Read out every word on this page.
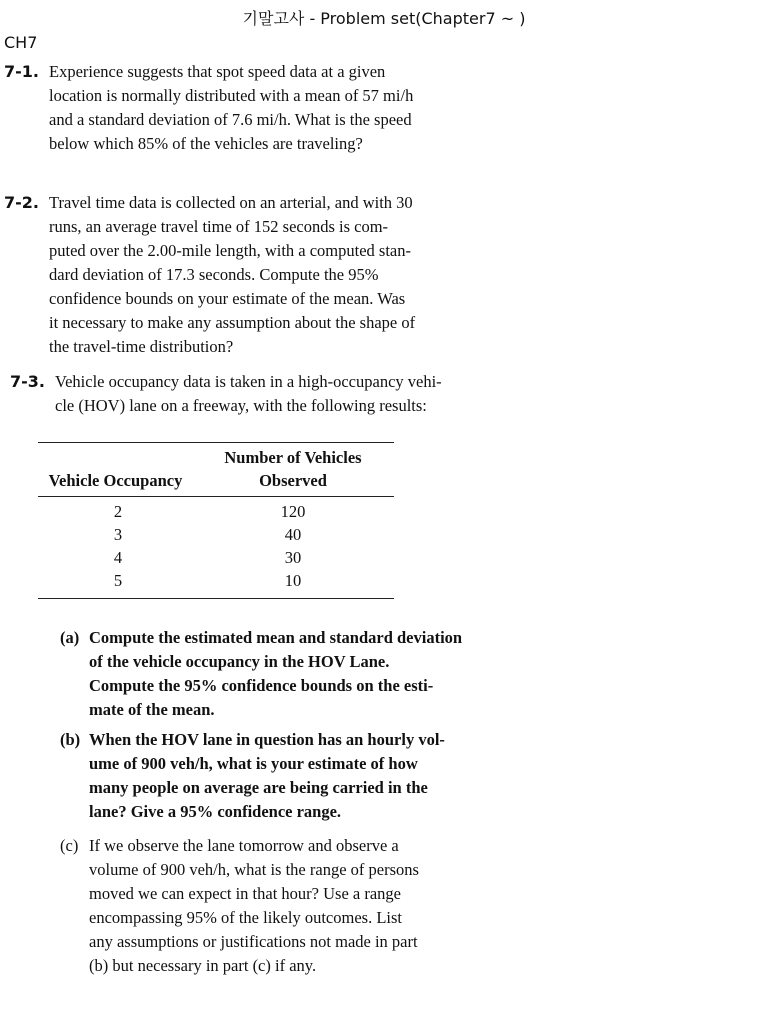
기말고사 - Problem set(Chapter7 ~ )
CH7
7-1. Experience suggests that spot speed data at a given
location is normally distributed with a mean of 57 mi/h
and a standard deviation of 7.6 mi/h. What is the speed
below which 85% of the vehicles are traveling?
7-2. Travel time data is collected on an arterial, and with 30
runs, an average travel time of 152 seconds is com-
puted over the 2.00-mile length, with a computed stan-
dard deviation of 17.3 seconds. Compute the 95%
confidence bounds on your estimate of the mean. Was
it necessary to make any assumption about the shape of
the travel-time distribution?
7-3. Vehicle occupancy data is taken in a high-occupancy vehi-
cle (HOV) lane on a freeway, with the following results:
Number of Vehicles
Vehicle Occupancy	Observed
2	120
3	40
4	30
5	10
(a) Compute the estimated mean and standard deviation
of the vehicle occupancy in the HOV Lane.
Compute the 95% confidence bounds on the esti-
mate of the mean.
(b) When the HOV lane in question has an hourly vol-
ume of 900 veh/h, what is your estimate of how
many people on average are being carried in the
lane? Give a 95% confidence range.
(c) If we observe the lane tomorrow and observe a
volume of 900 veh/h, what is the range of persons
moved we can expect in that hour? Use a range
encompassing 95% of the likely outcomes. List
any assumptions or justifications not made in part
(b) but necessary in part (c) if any.
